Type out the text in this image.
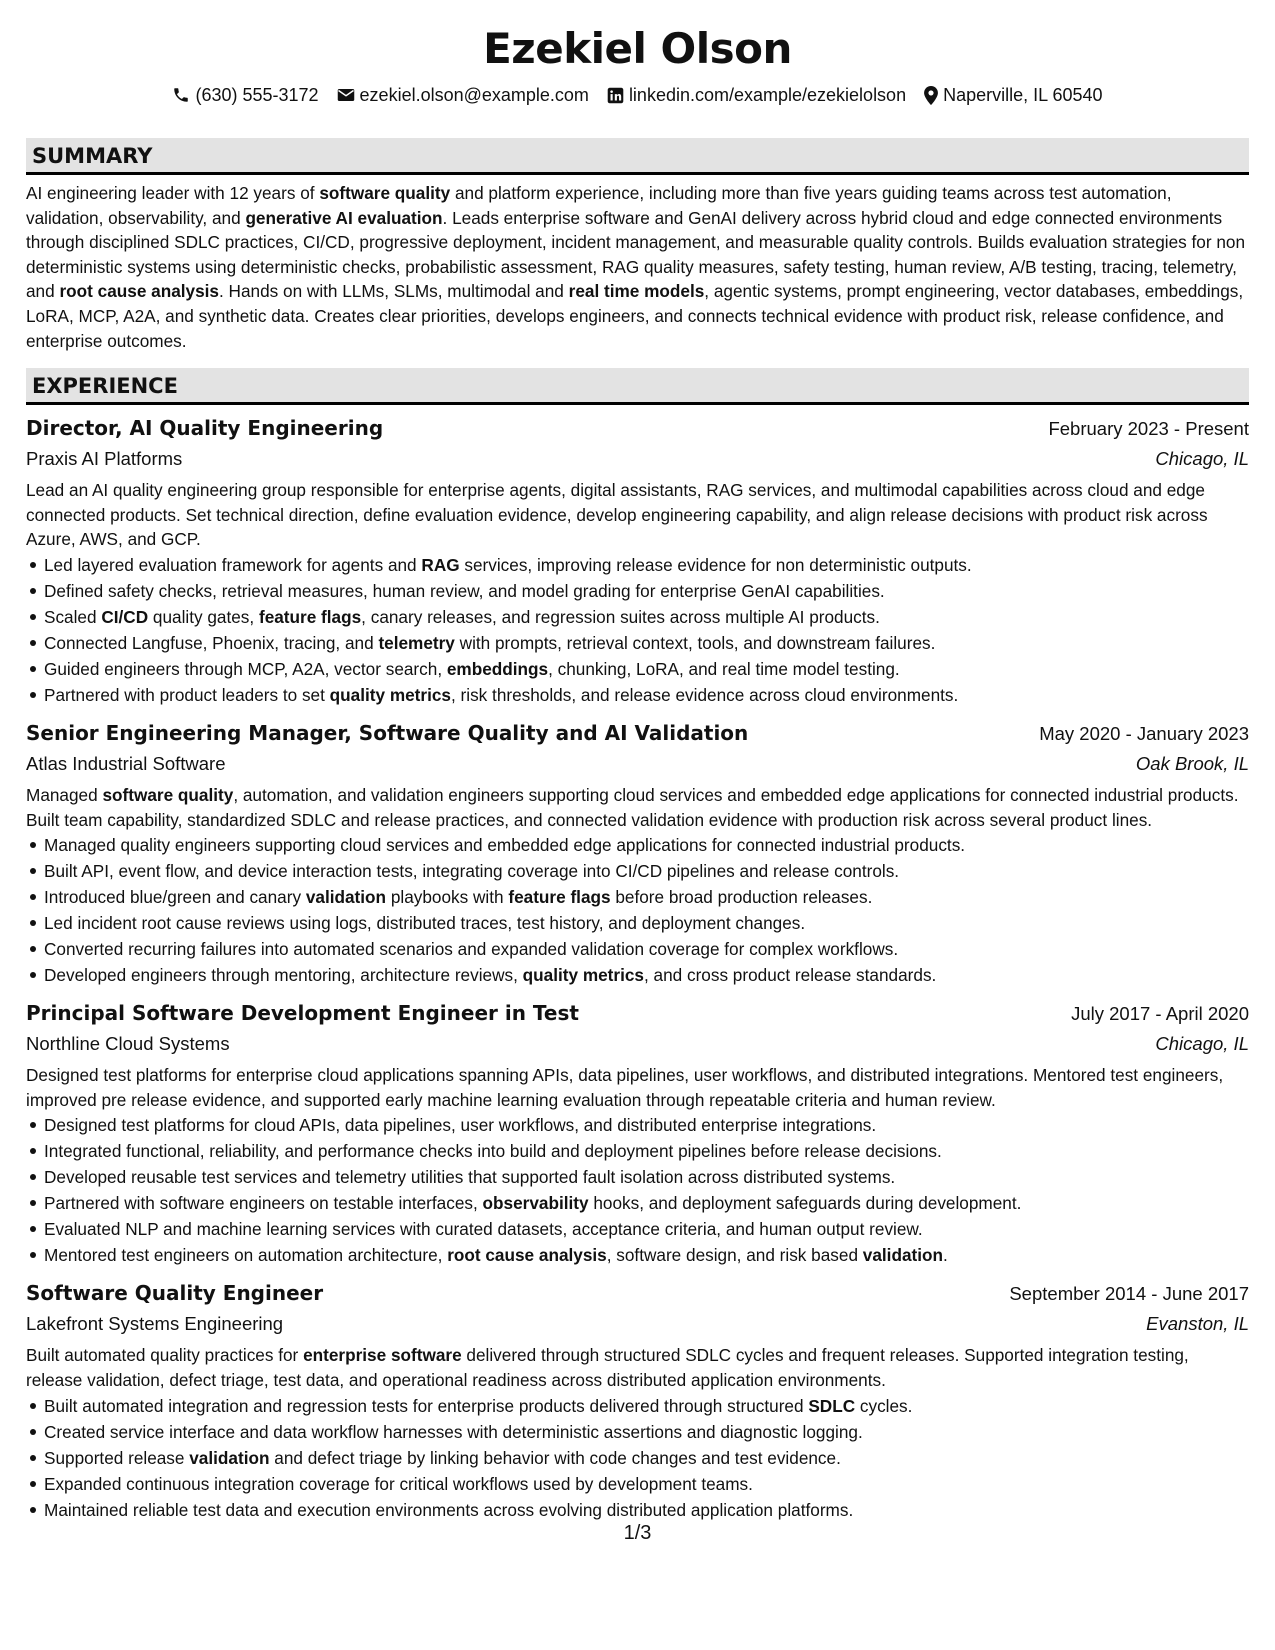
Ezekiel Olson
(630) 555-3172 ezekiel.olson@example.com linkedin.com/example/ezekielolson Naperville, IL 60540
SUMMARY

AI engineering leader with 12 years of software quality and platform experience, including more than five years guiding teams across test automation, validation, observability, and generative AI evaluation. Leads enterprise software and GenAI delivery across hybrid cloud and edge connected environments through disciplined SDLC practices, CI/CD, progressive deployment, incident management, and measurable quality controls. Builds evaluation strategies for non deterministic systems using deterministic checks, probabilistic assessment, RAG quality measures, safety testing, human review, A/B testing, tracing, telemetry, and root cause analysis. Hands on with LLMs, SLMs, multimodal and real time models, agentic systems, prompt engineering, vector databases, embeddings, LoRA, MCP, A2A, and synthetic data. Creates clear priorities, develops engineers, and connects technical evidence with product risk, release confidence, and enterprise outcomes.

EXPERIENCE
Director, AI Quality Engineering	February 2023 - Present
Praxis AI Platforms	Chicago, IL

Lead an AI quality engineering group responsible for enterprise agents, digital assistants, RAG services, and multimodal capabilities across cloud and edge connected products. Set technical direction, define evaluation evidence, develop engineering capability, and align release decisions with product risk across Azure, AWS, and GCP.

Led layered evaluation framework for agents and RAG services, improving release evidence for non deterministic outputs.
Defined safety checks, retrieval measures, human review, and model grading for enterprise GenAI capabilities.
Scaled CI/CD quality gates, feature flags, canary releases, and regression suites across multiple AI products.
Connected Langfuse, Phoenix, tracing, and telemetry with prompts, retrieval context, tools, and downstream failures.
Guided engineers through MCP, A2A, vector search, embeddings, chunking, LoRA, and real time model testing.
Partnered with product leaders to set quality metrics, risk thresholds, and release evidence across cloud environments.
Senior Engineering Manager, Software Quality and AI Validation	May 2020 - January 2023
Atlas Industrial Software	Oak Brook, IL

Managed software quality, automation, and validation engineers supporting cloud services and embedded edge applications for connected industrial products. Built team capability, standardized SDLC and release practices, and connected validation evidence with production risk across several product lines.

Managed quality engineers supporting cloud services and embedded edge applications for connected industrial products.
Built API, event flow, and device interaction tests, integrating coverage into CI/CD pipelines and release controls.
Introduced blue/green and canary validation playbooks with feature flags before broad production releases.
Led incident root cause reviews using logs, distributed traces, test history, and deployment changes.
Converted recurring failures into automated scenarios and expanded validation coverage for complex workflows.
Developed engineers through mentoring, architecture reviews, quality metrics, and cross product release standards.
Principal Software Development Engineer in Test	July 2017 - April 2020
Northline Cloud Systems	Chicago, IL

Designed test platforms for enterprise cloud applications spanning APIs, data pipelines, user workflows, and distributed integrations. Mentored test engineers, improved pre release evidence, and supported early machine learning evaluation through repeatable criteria and human review.

Designed test platforms for cloud APIs, data pipelines, user workflows, and distributed enterprise integrations.
Integrated functional, reliability, and performance checks into build and deployment pipelines before release decisions.
Developed reusable test services and telemetry utilities that supported fault isolation across distributed systems.
Partnered with software engineers on testable interfaces, observability hooks, and deployment safeguards during development.
Evaluated NLP and machine learning services with curated datasets, acceptance criteria, and human output review.
Mentored test engineers on automation architecture, root cause analysis, software design, and risk based validation.
Software Quality Engineer	September 2014 - June 2017
Lakefront Systems Engineering	Evanston, IL

Built automated quality practices for enterprise software delivered through structured SDLC cycles and frequent releases. Supported integration testing, release validation, defect triage, test data, and operational readiness across distributed application environments.

Built automated integration and regression tests for enterprise products delivered through structured SDLC cycles.
Created service interface and data workflow harnesses with deterministic assertions and diagnostic logging.
Supported release validation and defect triage by linking behavior with code changes and test evidence.
Expanded continuous integration coverage for critical workflows used by development teams.
Maintained reliable test data and execution environments across evolving distributed application platforms.
1/3
